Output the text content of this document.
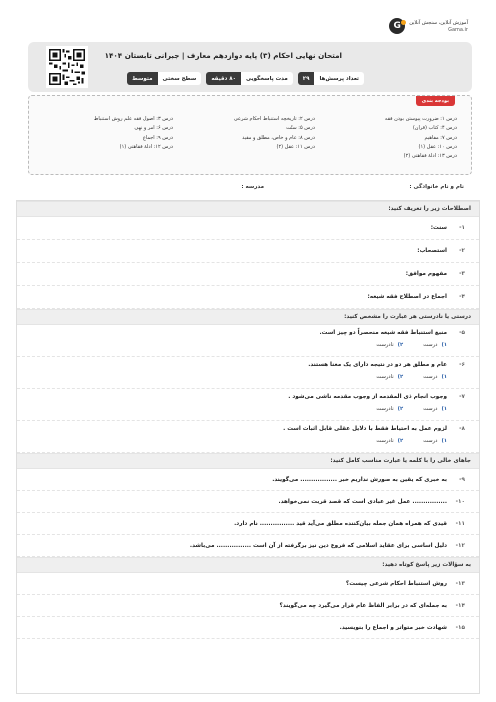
آموزش آنلاین، سنجش آنلاین
Gama.ir
G
امتحان نهایی احکام (۳) پایه دوازدهم معارف | جبرانی تابستان ۱۴۰۴
تعداد پرسش‌ها
۲۹
مدت پاسخگویی
۸۰ دقیقه
سطح سختی
متوسط
بودجه بندی
درس ۱: ضرورت پیوستن بودن فقه
درس ۲: تاریخچه استنباط احکام شرعی
درس ۳: اصول فقه علم روش استنباط
درس ۴: کتاب (قرآن)
درس ۵: سنّت
درس ۶: امر و نهی
درس ۷: مفاهیم
درس ۸: عام و خاص، مطلق و مقید
درس ۹: اجماع
درس ۱۰: عقل (۱)
درس ۱۱: عقل (۲)
درس ۱۲: ادلّهٔ فقاهتی (۱)
درس ۱۳: ادلّهٔ فقاهتی (۲)
نام و نام خانوادگی :
مدرسه :
اصطلاحات زیر را تعریف کنید:
۱-
سنت:
۲-
استصحاب:
۳-
مفهوم موافق:
۴-
اجماع در اصطلاح فقه شیعه:
درستی یا نادرستی هر عبارت را مشخص کنید:
۵-
منبع استنباط فقه شیعه منحصراً دو چیز است.
۱)درست
۲)نادرست
۶-
عام و مطلق هر دو در نتیجه دارای یک معنا هستند.
۱)درست
۲)نادرست
۷-
وجوب انجام ذی المقدمه از وجوب مقدمه ناشی می‌شود .
۱)درست
۲)نادرست
۸-
لزوم عمل به احتیاط فقط با دلایل عقلی قابل اثبات است .
۱)درست
۲)نادرست
جاهای خالی را با کلمه یا عبارت مناسب کامل کنید:
۹-
به خبری که یقین به صورش نداریم خبر ................. می‌گویند.
۱۰-
................ عمل غیر عبادی است که قصد قربت نمی‌خواهد.
۱۱-
قیدی که همراه همان جمله بیان‌کننده مطلق می‌آید قید ................ نام دارد.
۱۲-
دلیل اساسی برای عقاید اسلامی که فروع دین نیز برگرفته از آن است ................ می‌باشد.
به سؤالات زیر پاسخ کوتاه دهید:
۱۳-
روش استنباط احکام شرعی چیست؟
۱۴-
به جمله‌ای که در برابر الفاظ عام قرار می‌گیرد چه می‌گویند؟
۱۵-
شهادت خبر متواتر و اجماع را بنویسید.
